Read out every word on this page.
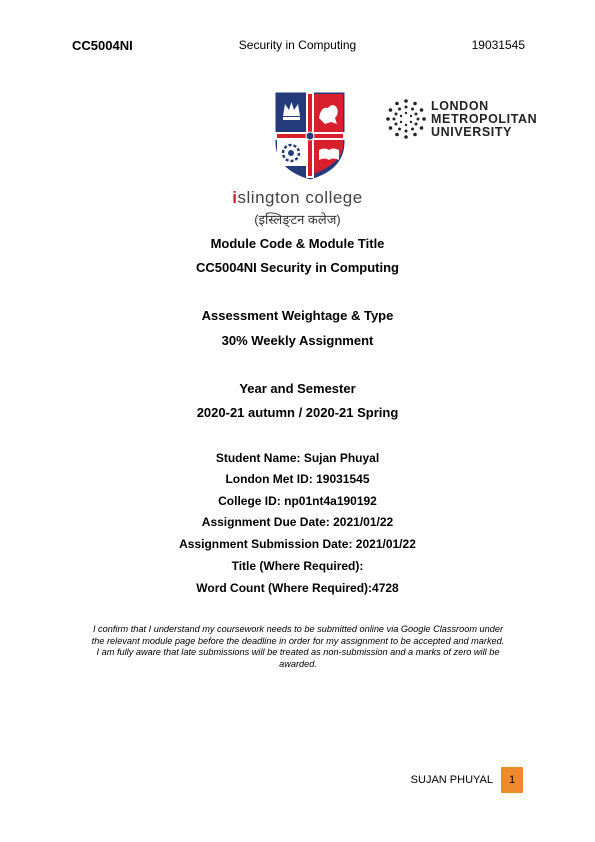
CC5004NI	Security in Computing	19031545
LONDON
METROPOLITAN
UNIVERSITY
islington college
(इस्लिङ्टन कलेज)
Module Code & Module Title
CC5004NI Security in Computing
Assessment Weightage & Type
30% Weekly Assignment
Year and Semester
2020-21 autumn / 2020-21 Spring
Student Name: Sujan Phuyal
London Met ID: 19031545
College ID: np01nt4a190192
Assignment Due Date: 2021/01/22
Assignment Submission Date: 2021/01/22
Title (Where Required):
Word Count (Where Required):4728
I confirm that I understand my coursework needs to be submitted online via Google Classroom under
the relevant module page before the deadline in order for my assignment to be accepted and marked.
I am fully aware that late submissions will be treated as non-submission and a marks of zero will be
awarded.
SUJAN PHUYAL	1
